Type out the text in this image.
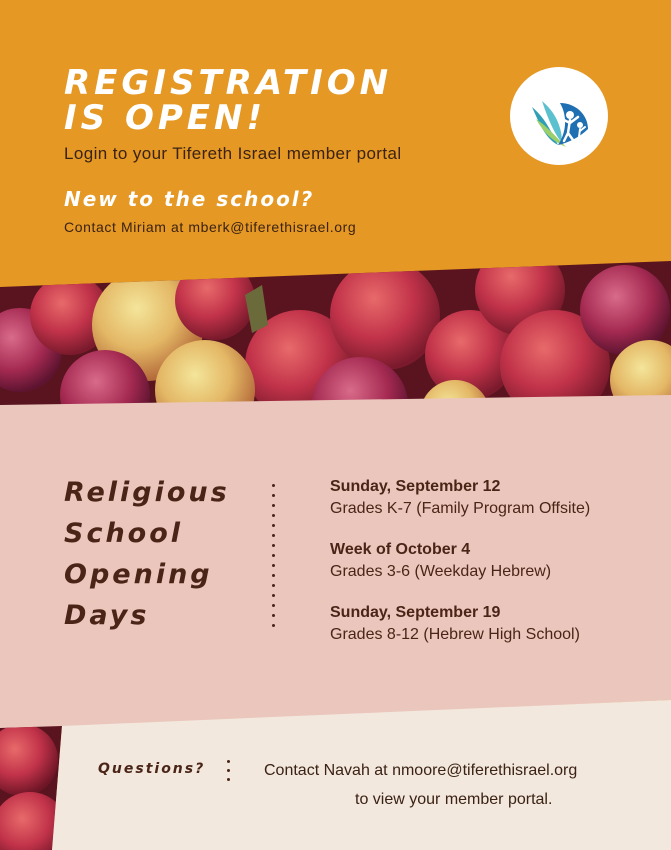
REGISTRATION
IS OPEN!
Login to your Tifereth Israel member portal
New to the school?
Contact Miriam at mberk@tiferethisrael.org
Religious
School
Opening
Days
Sunday, September 12
Grades K-7 (Family Program Offsite)
Week of October 4
Grades 3-6 (Weekday Hebrew)
Sunday, September 19
Grades 8-12 (Hebrew High School)
Questions?	Contact Navah at nmoore@tiferethisrael.org
to view your member portal.
